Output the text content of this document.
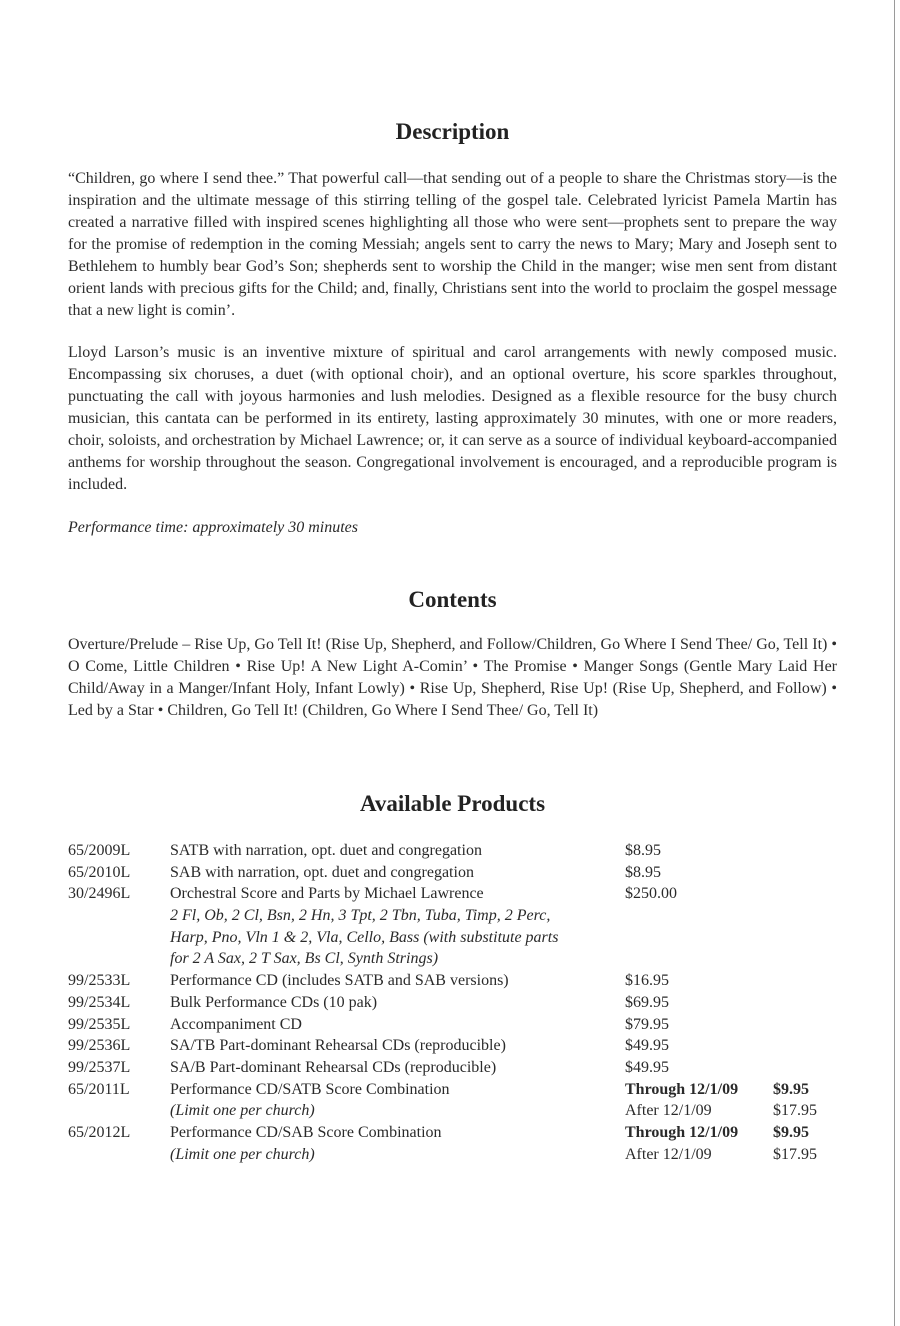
Description

“Children, go where I send thee.” That powerful call—that sending out of a people to share the Christmas story—is the inspiration and the ultimate message of this stirring telling of the gospel tale. Celebrated lyricist Pamela Martin has created a narrative filled with inspired scenes highlighting all those who were sent—prophets sent to prepare the way for the promise of redemption in the coming Messiah; angels sent to carry the news to Mary; Mary and Joseph sent to Bethlehem to humbly bear God’s Son; shepherds sent to worship the Child in the manger; wise men sent from distant orient lands with precious gifts for the Child; and, finally, Christians sent into the world to proclaim the gospel message that a new light is comin’.

Lloyd Larson’s music is an inventive mixture of spiritual and carol arrangements with newly composed music. Encompassing six choruses, a duet (with optional choir), and an optional overture, his score sparkles throughout, punctuating the call with joyous harmonies and lush melodies. Designed as a flexible resource for the busy church musician, this cantata can be performed in its entirety, lasting approximately 30 minutes, with one or more readers, choir, soloists, and orchestration by Michael Lawrence; or, it can serve as a source of individual keyboard-accompanied anthems for worship throughout the season. Congregational involvement is encouraged, and a reproducible program is included.

Performance time: approximately 30 minutes

Contents

Overture/Prelude – Rise Up, Go Tell It! (Rise Up, Shepherd, and Follow/Children, Go Where I Send Thee/ Go, Tell It) • O Come, Little Children • Rise Up! A New Light A-Comin’ • The Promise • Manger Songs (Gentle Mary Laid Her Child/Away in a Manger/Infant Holy, Infant Lowly) • Rise Up, Shepherd, Rise Up! (Rise Up, Shepherd, and Follow) • Led by a Star • Children, Go Tell It! (Children, Go Where I Send Thee/ Go, Tell It)

Available Products
65/2009L SATB with narration, opt. duet and congregation	$8.95
65/2010L SAB with narration, opt. duet and congregation	$8.95
30/2496L Orchestral Score and Parts by Michael Lawrence	$250.00
2 Fl, Ob, 2 Cl, Bsn, 2 Hn, 3 Tpt, 2 Tbn, Tuba, Timp, 2 Perc,
Harp, Pno, Vln 1 & 2, Vla, Cello, Bass (with substitute parts
for 2 A Sax, 2 T Sax, Bs Cl, Synth Strings)
99/2533L Performance CD (includes SATB and SAB versions)	$16.95
99/2534L Bulk Performance CDs (10 pak)	$69.95
99/2535L Accompaniment CD	$79.95
99/2536L SA/TB Part-dominant Rehearsal CDs (reproducible)	$49.95
99/2537L SA/B Part-dominant Rehearsal CDs (reproducible)	$49.95
65/2011L	Performance CD/SATB Score Combination	Through 12/1/09 $9.95
(Limit one per church)	After 12/1/09	$17.95
65/2012L Performance CD/SAB Score Combination	Through 12/1/09 $9.95
(Limit one per church)	After 12/1/09	$17.95
